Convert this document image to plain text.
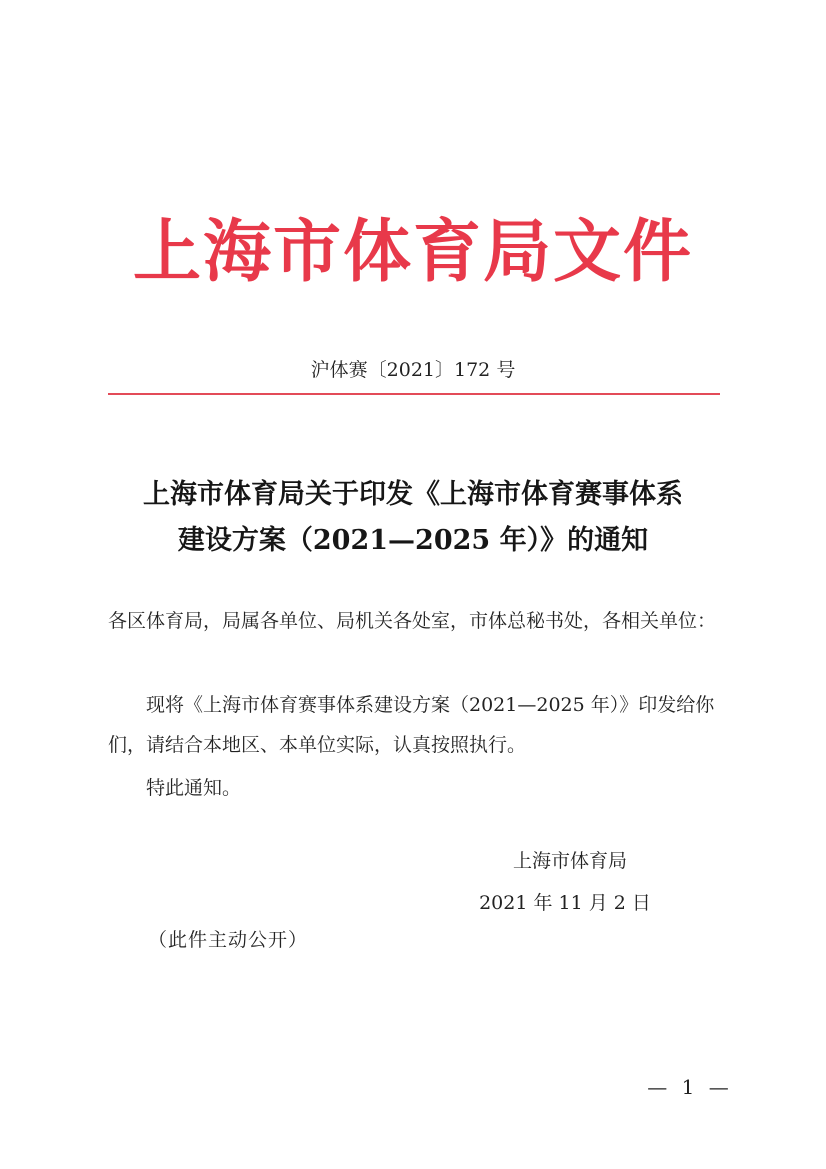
上海市体育局文件
沪体赛〔2021〕172 号
上海市体育局关于印发《上海市体育赛事体系
建设方案（2021—2025 年）》的通知
各区体育局，局属各单位、局机关各处室，市体总秘书处，各相关单位：
现将《上海市体育赛事体系建设方案（2021—2025 年）》印发给你们，请结合本地区、本单位实际，认真按照执行。
特此通知。
上海市体育局
2021 年 11 月 2 日
（此件主动公开）
— 1 —
